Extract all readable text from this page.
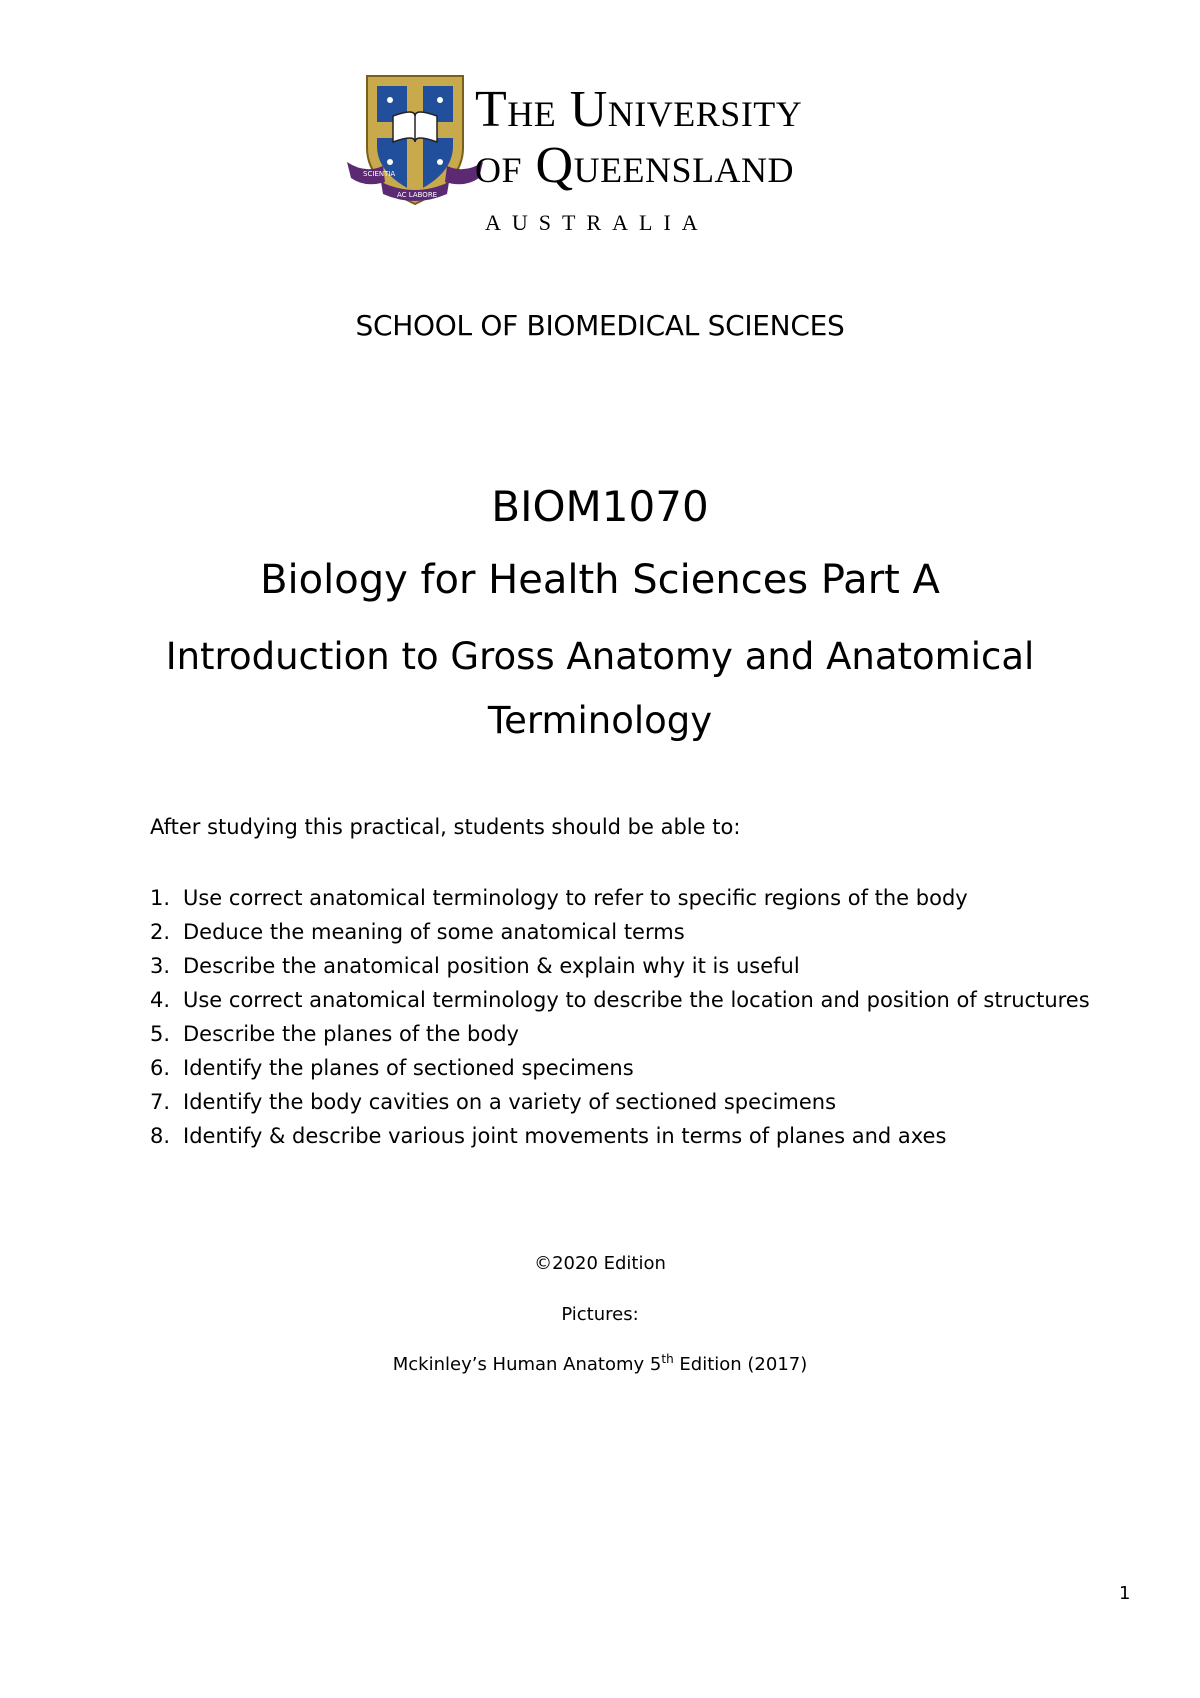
SCIENTIA
AC LABORE
The University
of Queensland
AUSTRALIA
SCHOOL OF BIOMEDICAL SCIENCES
BIOM1070
Biology for Health Sciences Part A
Introduction to Gross Anatomy and Anatomical Terminology
After studying this practical, students should be able to:
1. Use correct anatomical terminology to refer to specific regions of the body
2. Deduce the meaning of some anatomical terms
3. Describe the anatomical position & explain why it is useful
4. Use correct anatomical terminology to describe the location and position of structures
5. Describe the planes of the body
6. Identify the planes of sectioned specimens
7. Identify the body cavities on a variety of sectioned specimens
8. Identify & describe various joint movements in terms of planes and axes
©2020 Edition
Pictures:
Mckinley’s Human Anatomy 5th Edition (2017)
1
